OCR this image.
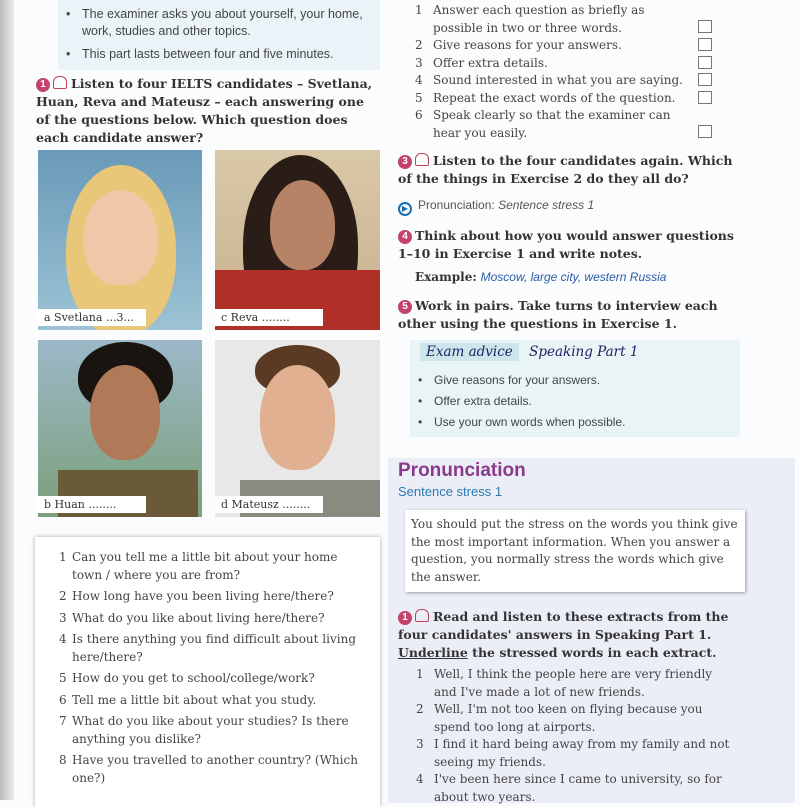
• The examiner asks you about yourself, your home, work, studies and other topics.
• This part lasts between four and five minutes.
1 Listen to four IELTS candidates – Svetlana, Huan, Reva and Mateusz – each answering one of the questions below. Which question does each candidate answer?
a Svetlana ...3...	c Reva ........
b Huan ........	d Mateusz ........
1 Can you tell me a little bit about your home town / where you are from?
2 How long have you been living here/there?
3 What do you like about living here/there?
4 Is there anything you find difficult about living here/there?
5 How do you get to school/college/work?
6 Tell me a little bit about what you study.
7 What do you like about your studies? Is there anything you dislike?
8 Have you travelled to another country? (Which one?)
1 Answer each question as briefly as possible in two or three words.
2 Give reasons for your answers.
3 Offer extra details.
4 Sound interested in what you are saying.
5 Repeat the exact words of the question.
6 Speak clearly so that the examiner can hear you easily.
3 Listen to the four candidates again. Which of the things in Exercise 2 do they all do?
▶ Pronunciation: Sentence stress 1
4 Think about how you would answer questions 1–10 in Exercise 1 and write notes.
Example: Moscow, large city, western Russia
5 Work in pairs. Take turns to interview each other using the questions in Exercise 1.
Exam advice Speaking Part 1
• Give reasons for your answers.
• Offer extra details.
• Use your own words when possible.
Pronunciation
Sentence stress 1
You should put the stress on the words you think give the most important information. When you answer a question, you normally stress the words which give the answer.
1 Read and listen to these extracts from the four candidates' answers in Speaking Part 1. Underline the stressed words in each extract.
1 Well, I think the people here are very friendly and I've made a lot of new friends.
2 Well, I'm not too keen on flying because you spend too long at airports.
3 I find it hard being away from my family and not seeing my friends.
4 I've been here since I came to university, so for about two years.
